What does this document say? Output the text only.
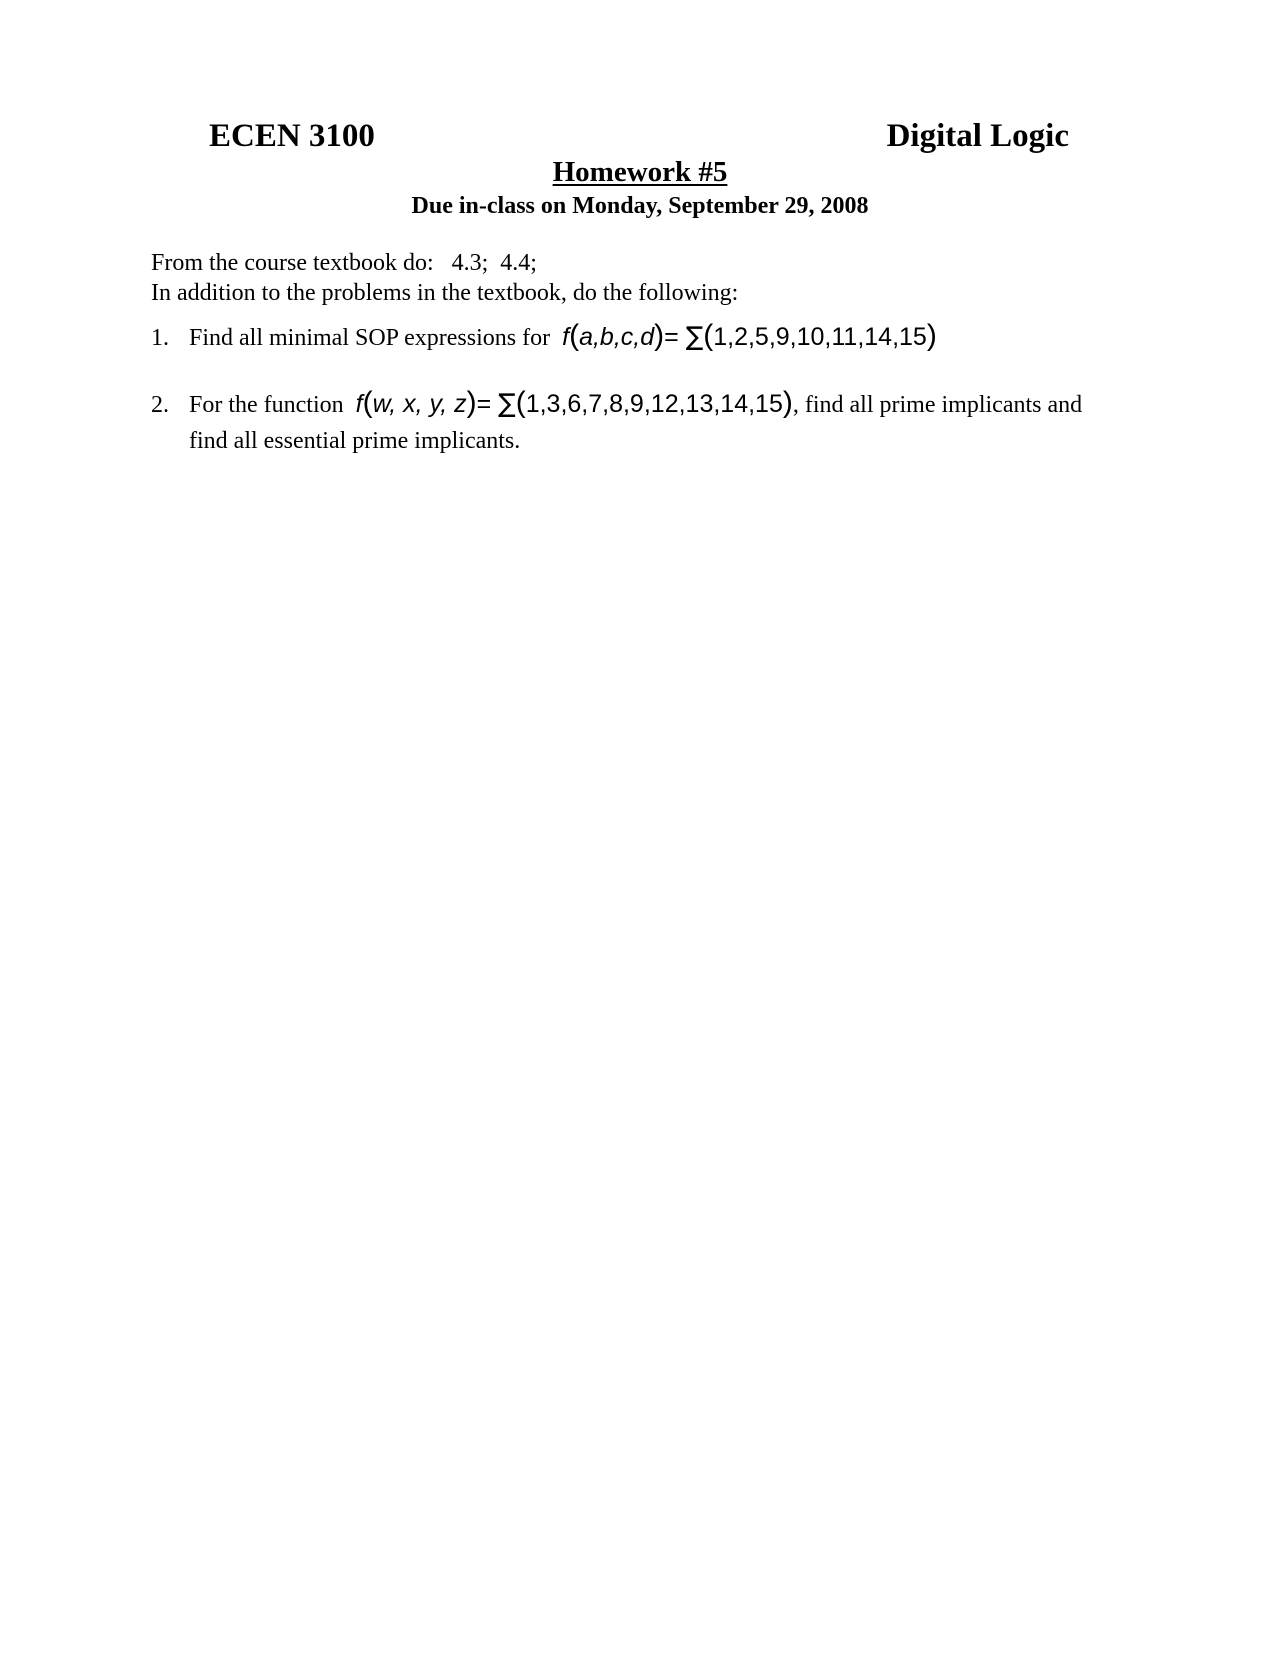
ECEN 3100	Digital Logic
Homework #5
Due in-class on Monday, September 29, 2008
From the course textbook do:   4.3;  4.4;
In addition to the problems in the textbook, do the following:
1. Find all minimal SOP expressions for f(a,b,c,d)= ∑(1,2,5,9,10,11,14,15)
2. For the function f(w, x, y, z)= ∑(1,3,6,7,8,9,12,13,14,15), find all prime implicants and
find all essential prime implicants.
